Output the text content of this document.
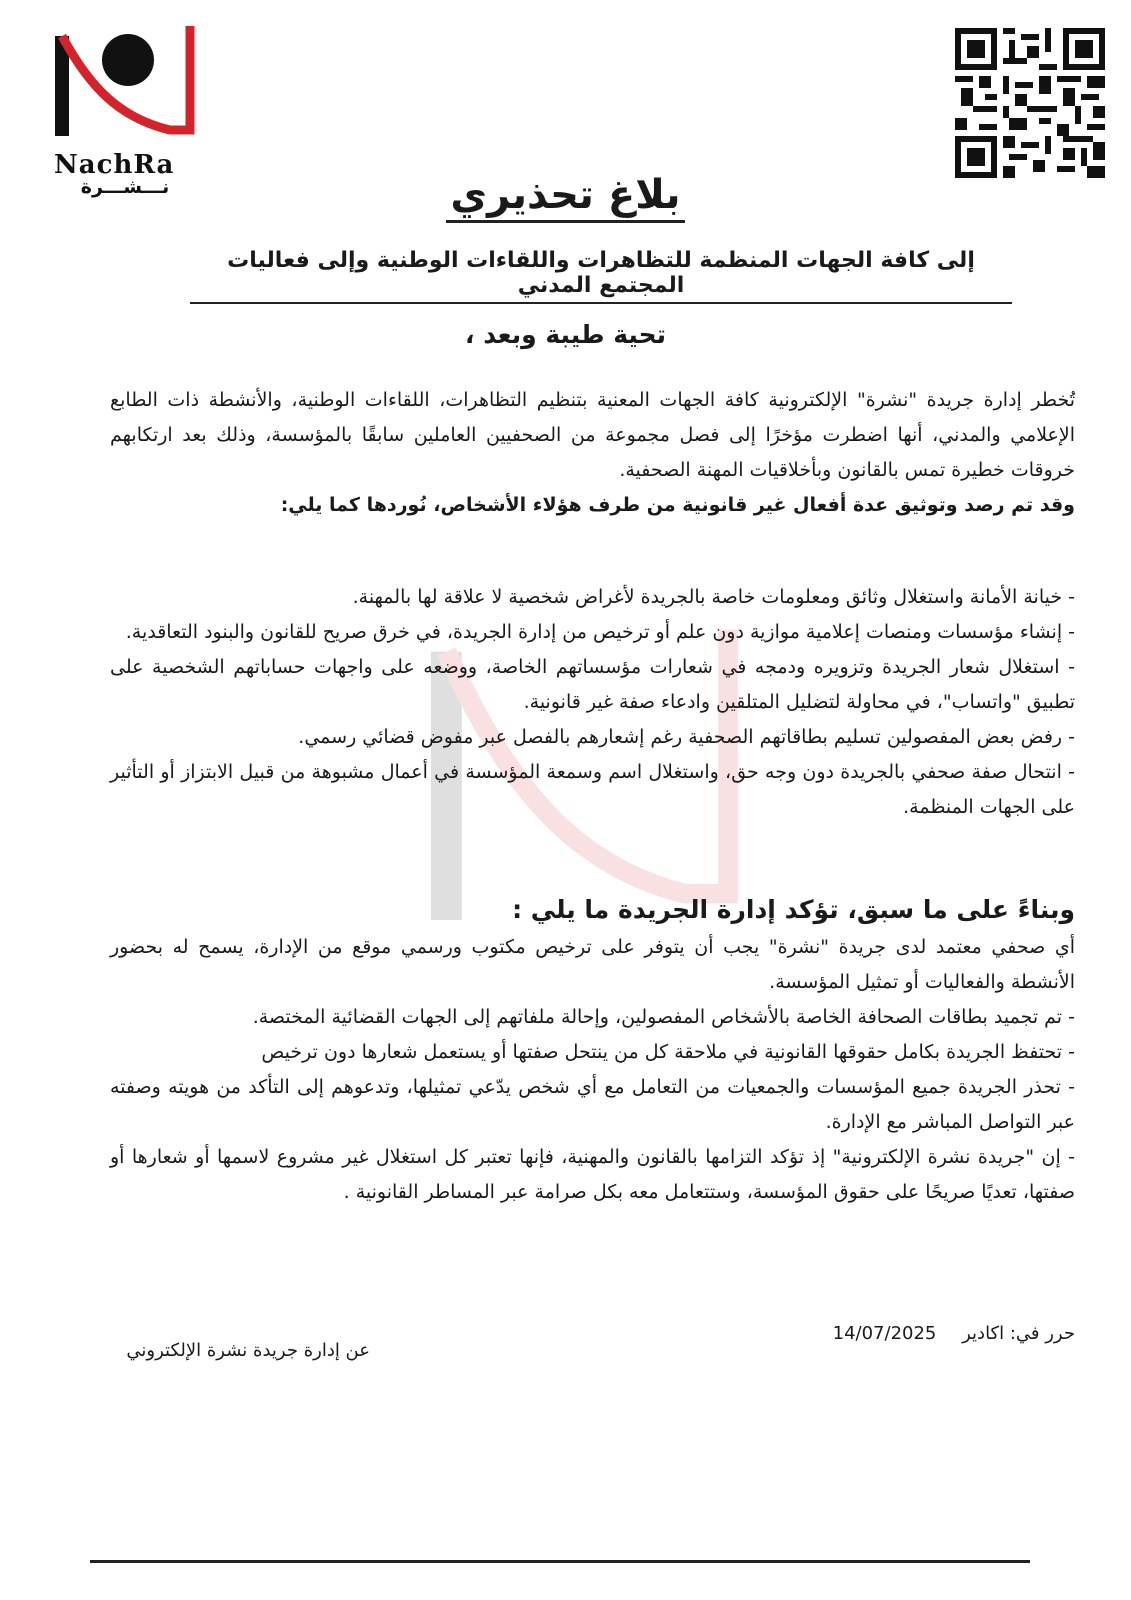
NachRa
نـــشـــرة	بلاغ تحذيري
إلى كافة الجهات المنظمة للتظاهرات واللقاءات الوطنية وإلى فعاليات المجتمع المدني
تحية طيبة وبعد ،

تُخطر إدارة جريدة "نشرة" الإلكترونية كافة الجهات المعنية بتنظيم التظاهرات، اللقاءات الوطنية، والأنشطة ذات الطابع الإعلامي والمدني، أنها اضطرت مؤخرًا إلى فصل مجموعة من الصحفيين العاملين سابقًا بالمؤسسة، وذلك بعد ارتكابهم خروقات خطيرة تمس بالقانون وبأخلاقيات المهنة الصحفية.

وقد تم رصد وتوثيق عدة أفعال غير قانونية من طرف هؤلاء الأشخاص، نُوردها كما يلي:

- خيانة الأمانة واستغلال وثائق ومعلومات خاصة بالجريدة لأغراض شخصية لا علاقة لها بالمهنة.

- إنشاء مؤسسات ومنصات إعلامية موازية دون علم أو ترخيص من إدارة الجريدة، في خرق صريح للقانون والبنود التعاقدية.

- استغلال شعار الجريدة وتزويره ودمجه في شعارات مؤسساتهم الخاصة، ووضعه على واجهات حساباتهم الشخصية على تطبيق "واتساب"، في محاولة لتضليل المتلقين وادعاء صفة غير قانونية.

- رفض بعض المفصولين تسليم بطاقاتهم الصحفية رغم إشعارهم بالفصل عبر مفوض قضائي رسمي.

- انتحال صفة صحفي بالجريدة دون وجه حق، واستغلال اسم وسمعة المؤسسة في أعمال مشبوهة من قبيل الابتزاز أو التأثير على الجهات المنظمة.

وبناءً على ما سبق، تؤكد إدارة الجريدة ما يلي :

أي صحفي معتمد لدى جريدة "نشرة" يجب أن يتوفر على ترخيص مكتوب ورسمي موقع من الإدارة، يسمح له بحضور الأنشطة والفعاليات أو تمثيل المؤسسة.

- تم تجميد بطاقات الصحافة الخاصة بالأشخاص المفصولين، وإحالة ملفاتهم إلى الجهات القضائية المختصة.

- تحتفظ الجريدة بكامل حقوقها القانونية في ملاحقة كل من ينتحل صفتها أو يستعمل شعارها دون ترخيص

- تحذر الجريدة جميع المؤسسات والجمعيات من التعامل مع أي شخص يدّعي تمثيلها، وتدعوهم إلى التأكد من هويته وصفته عبر التواصل المباشر مع الإدارة.

- إن "جريدة نشرة الإلكترونية" إذ تؤكد التزامها بالقانون والمهنية، فإنها تعتبر كل استغلال غير مشروع لاسمها أو شعارها أو صفتها، تعديًا صريحًا على حقوق المؤسسة، وستتعامل معه بكل صرامة عبر المساطر القانونية .

حرر في: اكادير 14/07/2025
عن إدارة جريدة نشرة الإلكتروني
